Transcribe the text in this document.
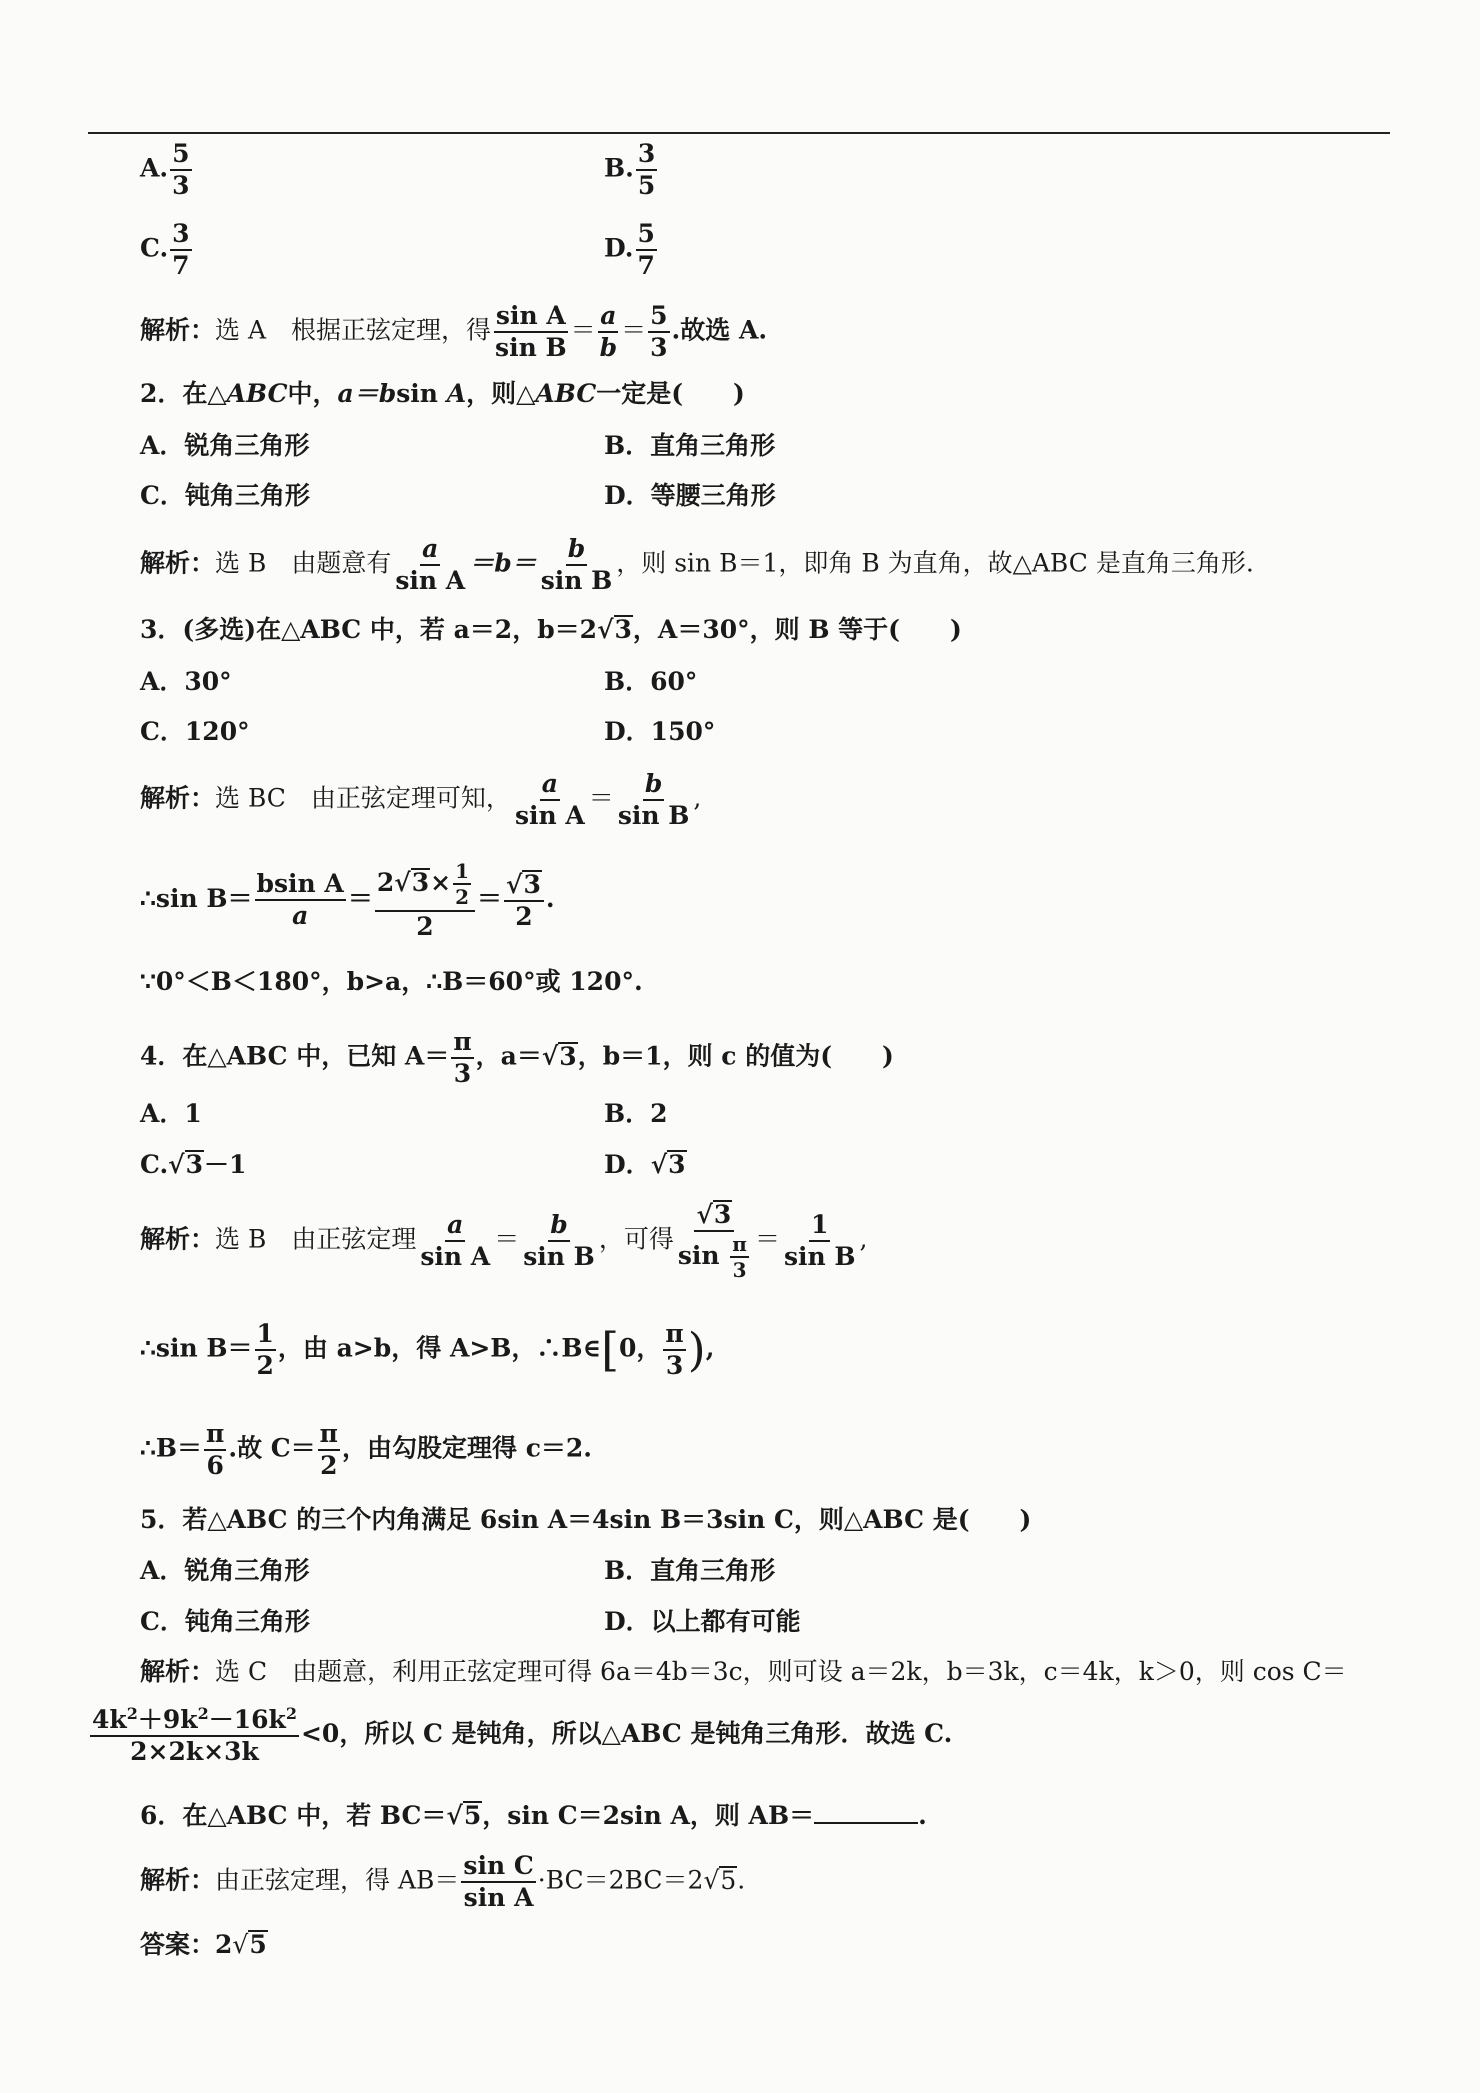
A. $\frac{5}{3}$	B. $\frac{3}{5}$
C. $\frac{3}{7}$	D. $\frac{5}{7}$
解析：选 A　根据正弦定理，得 $\frac{\text{sin A}}{\text{sin B}} = \frac{a}{b} = \frac{5}{3}$ .故选 A.
2．在△ABC中，a＝bsin A，则△ABC一定是(　　)
A．锐角三角形	B．直角三角形
C．钝角三角形	D．等腰三角形
解析：选 B　由题意有 $\frac{a}{\text{sin A}} =b= \frac{b}{\text{sin B}}$ ，则 sin B＝1，即角 B 为直角，故△ABC 是直角三角形.
3．(多选)在△ABC 中，若 a＝2，b＝2√3，A＝30°，则 B 等于(　　)
A．30°	B．60°
C．120°	D．150°
解析：选 BC　由正弦定理可知， $\frac{a}{\text{sin A}} = \frac{b}{\text{sin B}}$ ,
∴sin $B= \frac{\text{bsin A}}{a} = \frac{2√3\times \frac{1}{2}}{2} = \frac{√3}{2}$ .
∵0°＜B＜180°，b>a，∴B＝60°或 120°.
4．在△ABC 中，已知 $A= \frac{\pi}{3}$ ，a＝√3，b＝1，则 c 的值为(　　)
A．1	B．2
C.√3－1	D．√3
解析：选 B　由正弦定理 $\frac{a}{\text{sin A}} = \frac{b}{\text{sin B}}$ ，可得 $\frac{√3}{\sin \frac{\pi}{3}} = \frac{1}{\text{sin B}}$ ,
∴sin $B= \frac{1}{2}$ ，由 a>b，得 A>B，∴B∈[0， $\frac{\pi}{3}$ ),
∴B＝ $\frac{\pi}{6}$ .故 $C= \frac{\pi}{2}$ ，由勾股定理得 c＝2.
5．若△ABC 的三个内角满足 6sin A＝4sin B＝3sin C，则△ABC 是(　　)
A．锐角三角形	B．直角三角形
C．钝角三角形	D．以上都有可能
解析：选 C　由题意，利用正弦定理可得 6a＝4b＝3c，则可设 a＝2k，b＝3k，c＝4k，k＞0，则 cos C＝
$\frac{4k^2+9k^2-16k^2}{2\times 2k\times 3k} <0$，所以 C 是钝角，所以△ABC 是钝角三角形．故选 C.
6．在△ABC 中，若 BC＝√5，sin C＝2sin A，则 AB＝	.
解析：由正弦定理，得 $AB= \frac{\text{sin C}}{\text{sin A}} \cdot BC=2BC=2√5$.
答案：2√5
